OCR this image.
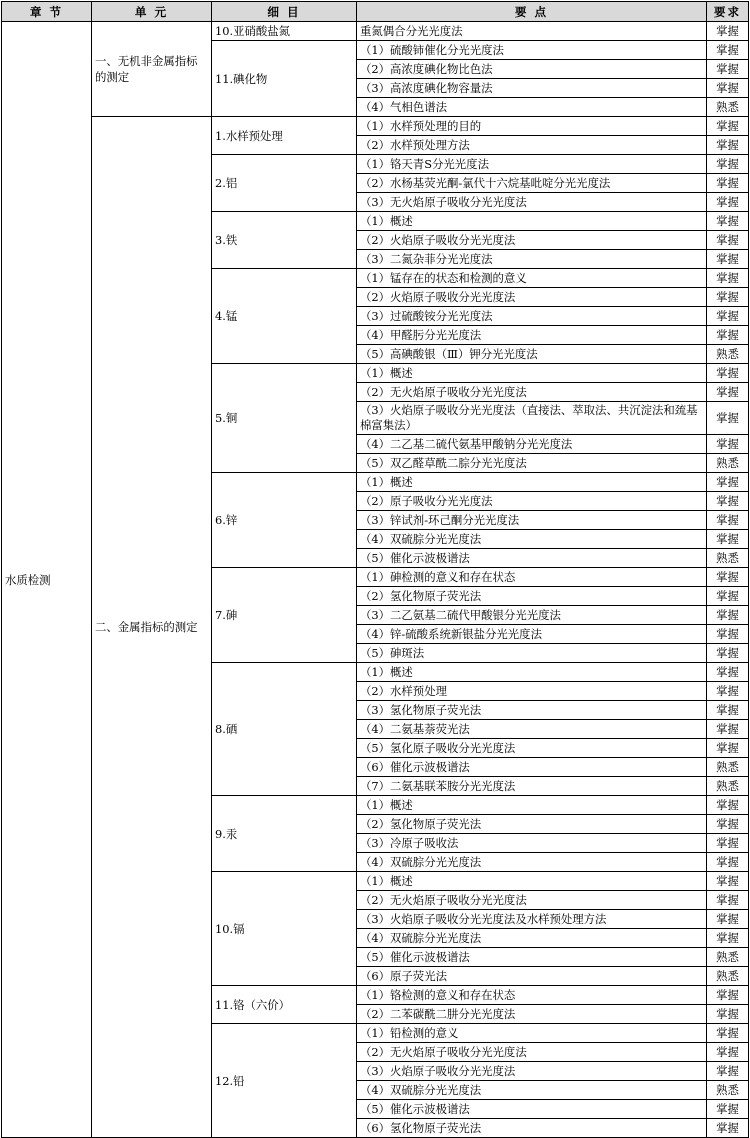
章 节	单 元	细 目	要 点	要求
水质检测	一、无机非金属指标的测定	10.亚硝酸盐氮	重氮偶合分光光度法	掌握
		11.碘化物	（1）硫酸铈催化分光光度法	掌握
			（2）高浓度碘化物比色法	掌握
			（3）高浓度碘化物容量法	掌握
			（4）气相色谱法	熟悉
	二、金属指标的测定	1.水样预处理	（1）水样预处理的目的	掌握
			（2）水样预处理方法	掌握
		2.铝	（1）铬天青S分光光度法	掌握
			（2）水杨基荧光酮-氯代十六烷基吡啶分光光度法	掌握
			（3）无火焰原子吸收分光光度法	掌握
		3.铁	（1）概述	掌握
			（2）火焰原子吸收分光光度法	掌握
			（3）二氮杂菲分光光度法	掌握
		4.锰	（1）锰存在的状态和检测的意义	掌握
			（2）火焰原子吸收分光光度法	掌握
			（3）过硫酸铵分光光度法	掌握
			（4）甲醛肟分光光度法	掌握
			（5）高碘酸银（Ⅲ）钾分光光度法	熟悉
		5.铜	（1）概述	掌握
			（2）无火焰原子吸收分光光度法	掌握
			（3）火焰原子吸收分光光度法（直接法、萃取法、共沉淀法和巯基棉富集法）	掌握
			（4）二乙基二硫代氨基甲酸钠分光光度法	掌握
			（5）双乙醛草酰二腙分光光度法	熟悉
		6.锌	（1）概述	掌握
			（2）原子吸收分光光度法	掌握
			（3）锌试剂-环己酮分光光度法	掌握
			（4）双硫腙分光光度法	掌握
			（5）催化示波极谱法	熟悉
		7.砷	（1）砷检测的意义和存在状态	掌握
			（2）氢化物原子荧光法	掌握
			（3）二乙氨基二硫代甲酸银分光光度法	掌握
			（4）锌-硫酸系统新银盐分光光度法	掌握
			（5）砷斑法	掌握
		8.硒	（1）概述	掌握
			（2）水样预处理	掌握
			（3）氢化物原子荧光法	掌握
			（4）二氨基萘荧光法	掌握
			（5）氢化原子吸收分光光度法	掌握
			（6）催化示波极谱法	熟悉
			（7）二氨基联苯胺分光光度法	熟悉
		9.汞	（1）概述	掌握
			（2）氢化物原子荧光法	掌握
			（3）冷原子吸收法	掌握
			（4）双硫腙分光光度法	掌握
		10.镉	（1）概述	掌握
			（2）无火焰原子吸收分光光度法	掌握
			（3）火焰原子吸收分光光度法及水样预处理方法	掌握
			（4）双硫腙分光光度法	掌握
			（5）催化示波极谱法	熟悉
			（6）原子荧光法	熟悉
		11.铬（六价）	（1）铬检测的意义和存在状态	掌握
			（2）二苯碳酰二肼分光光度法	掌握
		12.铅	（1）铅检测的意义	掌握
			（2）无火焰原子吸收分光光度法	掌握
			（3）火焰原子吸收分光光度法	掌握
			（4）双硫腙分光光度法	熟悉
			（5）催化示波极谱法	掌握
			（6）氢化物原子荧光法	掌握
